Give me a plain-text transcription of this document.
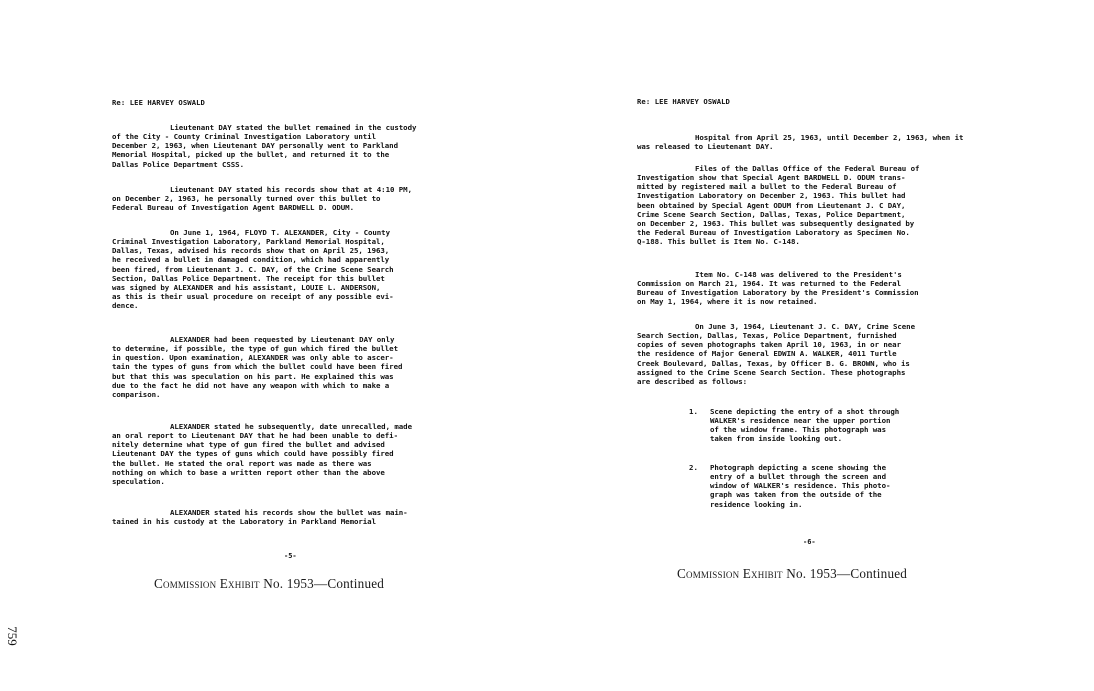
Re: LEE HARVEY OSWALD
Lieutenant DAY stated the bullet remained in the custody
of the City - County Criminal Investigation Laboratory until
December 2, 1963, when Lieutenant DAY personally went to Parkland
Memorial Hospital, picked up the bullet, and returned it to the
Dallas Police Department CSSS.
Lieutenant DAY stated his records show that at 4:10 PM,
on December 2, 1963, he personally turned over this bullet to
Federal Bureau of Investigation Agent BARDWELL D. ODUM.
On June 1, 1964, FLOYD T. ALEXANDER, City - County
Criminal Investigation Laboratory, Parkland Memorial Hospital,
Dallas, Texas, advised his records show that on April 25, 1963,
he received a bullet in damaged condition, which had apparently
been fired, from Lieutenant J. C. DAY, of the Crime Scene Search
Section, Dallas Police Department. The receipt for this bullet
was signed by ALEXANDER and his assistant, LOUIE L. ANDERSON,
as this is their usual procedure on receipt of any possible evi-
dence.
ALEXANDER had been requested by Lieutenant DAY only
to determine, if possible, the type of gun which fired the bullet
in question. Upon examination, ALEXANDER was only able to ascer-
tain the types of guns from which the bullet could have been fired
but that this was speculation on his part. He explained this was
due to the fact he did not have any weapon with which to make a
comparison.
ALEXANDER stated he subsequently, date unrecalled, made
an oral report to Lieutenant DAY that he had been unable to defi-
nitely determine what type of gun fired the bullet and advised
Lieutenant DAY the types of guns which could have possibly fired
the bullet. He stated the oral report was made as there was
nothing on which to base a written report other than the above
speculation.
ALEXANDER stated his records show the bullet was main-
tained in his custody at the Laboratory in Parkland Memorial
-5-
Commission Exhibit No. 1953—Continued
Re: LEE HARVEY OSWALD
Hospital from April 25, 1963, until December 2, 1963, when it
was released to Lieutenant DAY.
Files of the Dallas Office of the Federal Bureau of
Investigation show that Special Agent BARDWELL D. ODUM trans-
mitted by registered mail a bullet to the Federal Bureau of
Investigation Laboratory on December 2, 1963. This bullet had
been obtained by Special Agent ODUM from Lieutenant J. C DAY,
Crime Scene Search Section, Dallas, Texas, Police Department,
on December 2, 1963. This bullet was subsequently designated by
the Federal Bureau of Investigation Laboratory as Specimen No.
Q-188. This bullet is Item No. C-148.
Item No. C-148 was delivered to the President's
Commission on March 21, 1964. It was returned to the Federal
Bureau of Investigation Laboratory by the President's Commission
on May 1, 1964, where it is now retained.
On June 3, 1964, Lieutenant J. C. DAY, Crime Scene
Search Section, Dallas, Texas, Police Department, furnished
copies of seven photographs taken April 10, 1963, in or near
the residence of Major General EDWIN A. WALKER, 4011 Turtle
Creek Boulevard, Dallas, Texas, by Officer B. G. BROWN, who is
assigned to the Crime Scene Search Section. These photographs
are described as follows:
1. Scene depicting the entry of a shot through
WALKER's residence near the upper portion
of the window frame. This photograph was
taken from inside looking out.
2. Photograph depicting a scene showing the
entry of a bullet through the screen and
window of WALKER's residence. This photo-
graph was taken from the outside of the
residence looking in.
-6-
Commission Exhibit No. 1953—Continued
759
